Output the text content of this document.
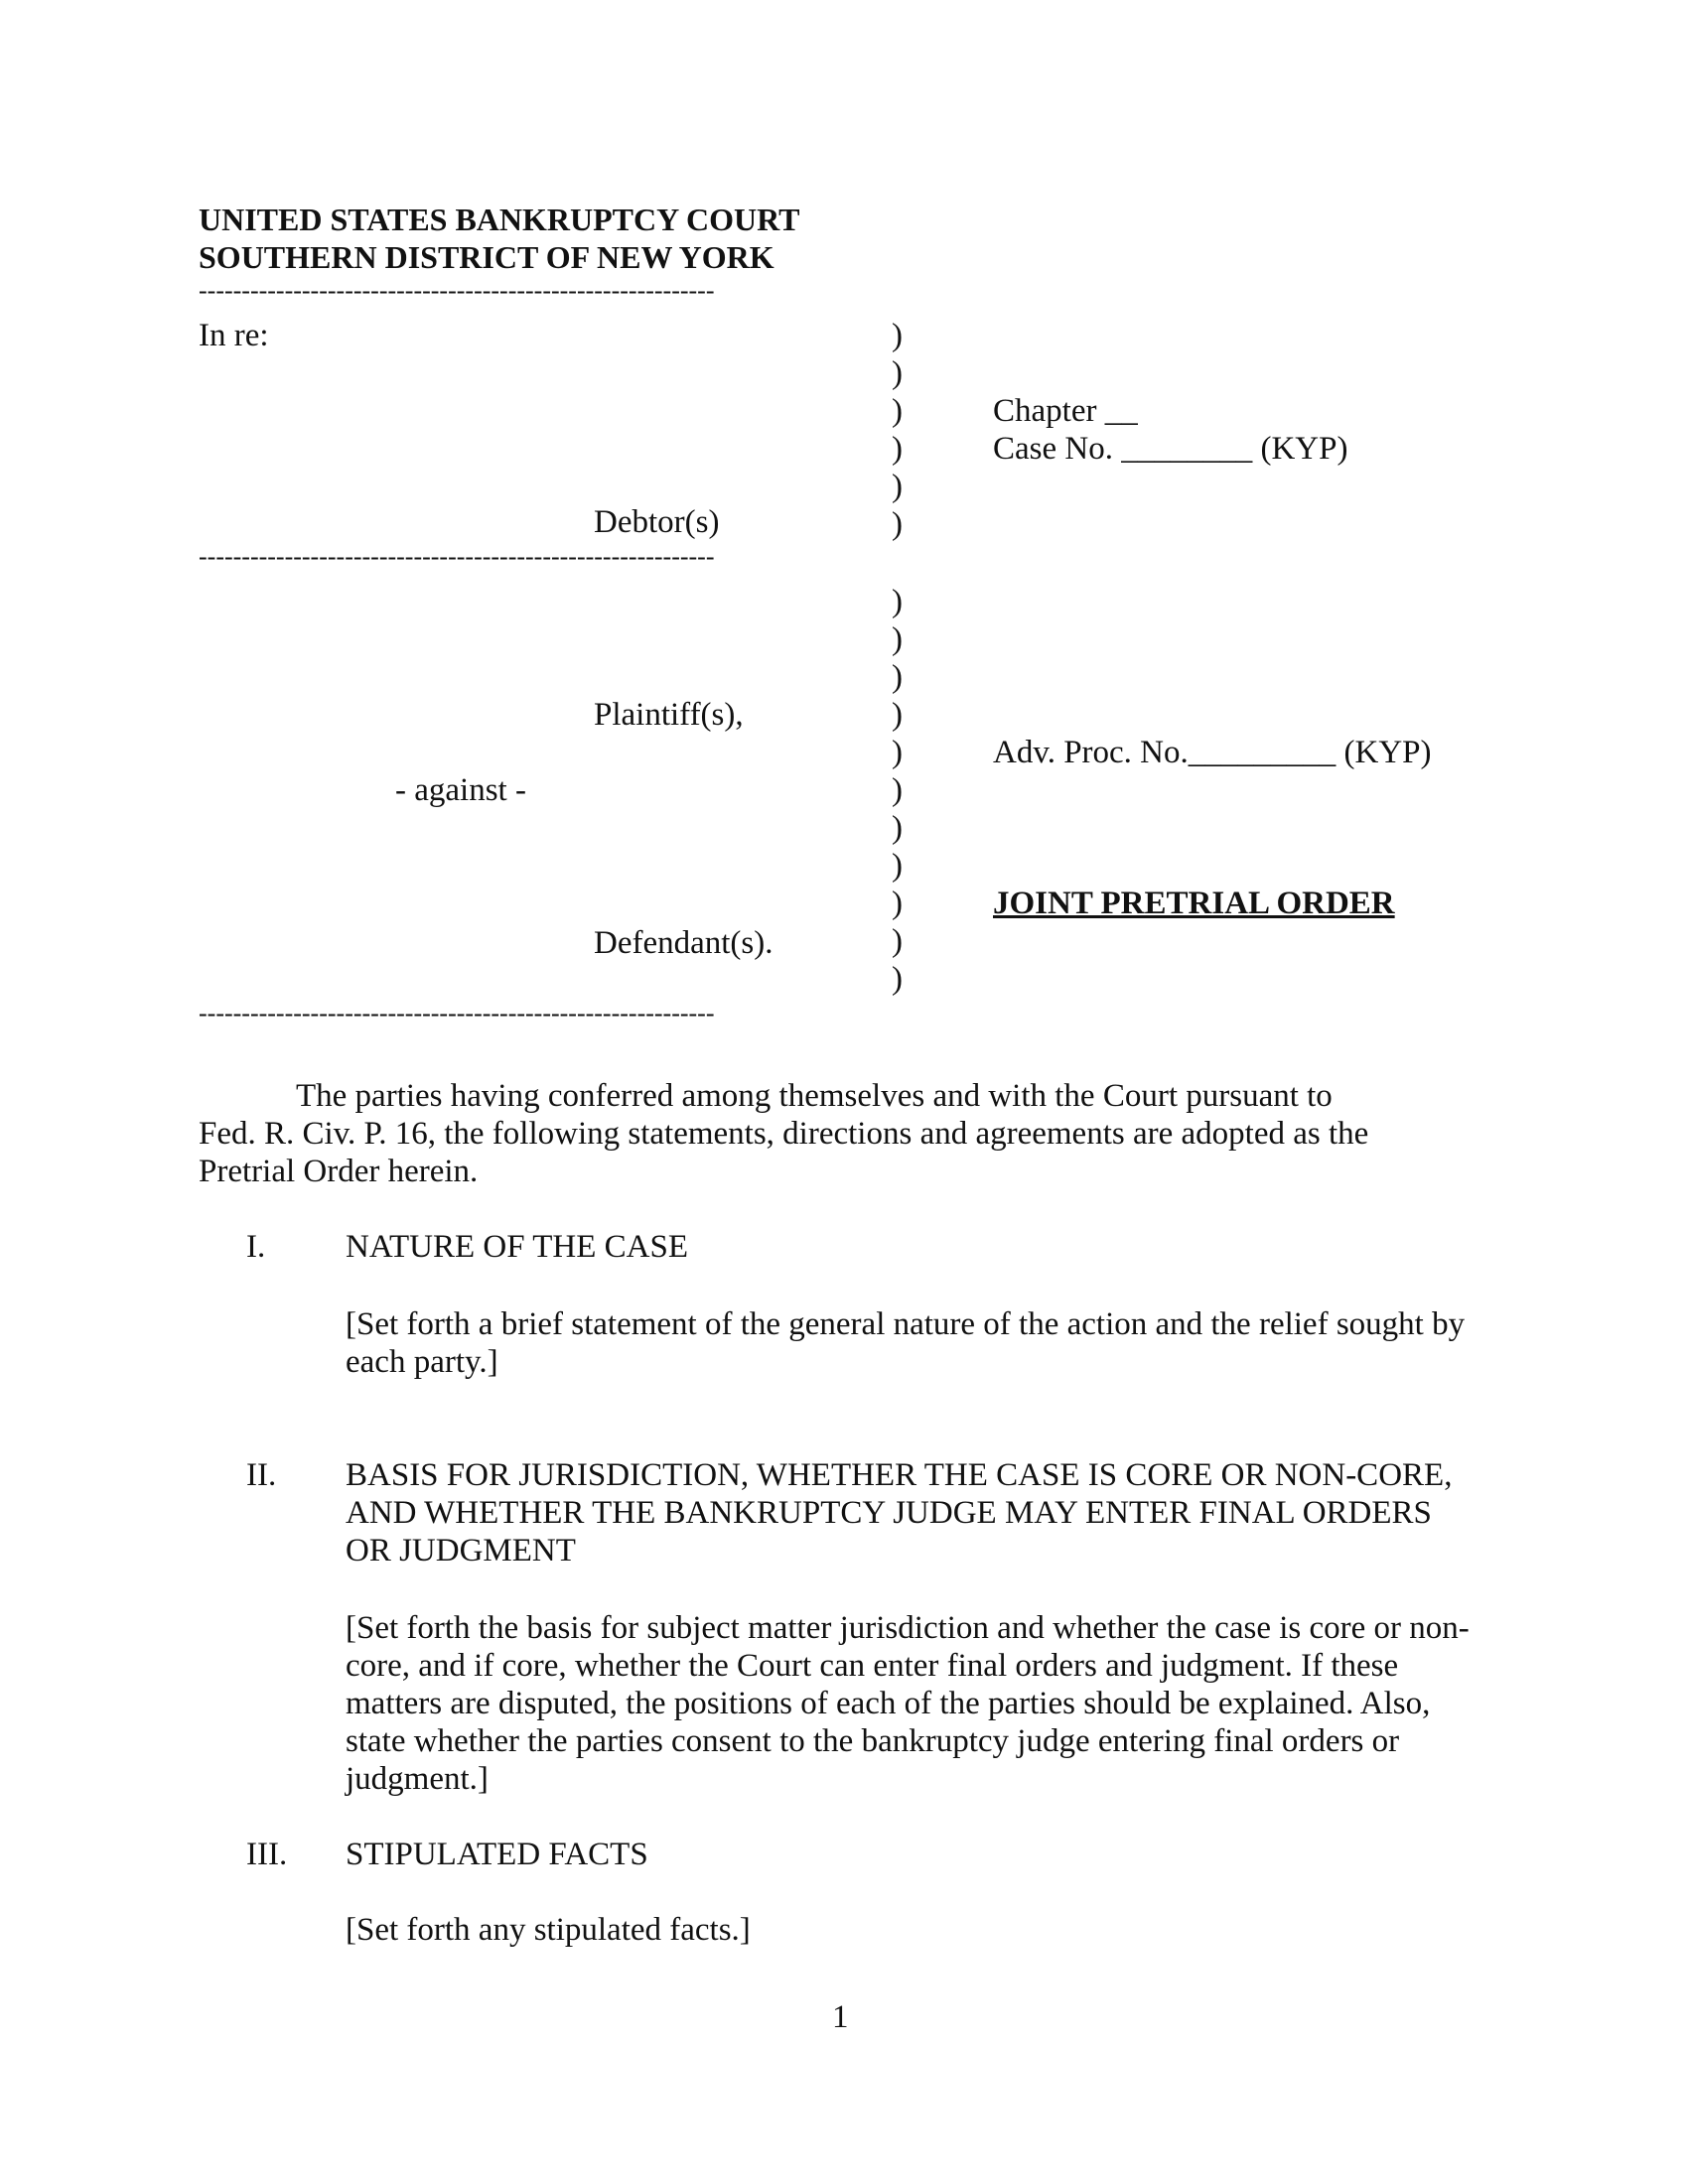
UNITED STATES BANKRUPTCY COURT
SOUTHERN DISTRICT OF NEW YORK
------------------------------------------------------------
------------------------------------------------------------
------------------------------------------------------------
In re:
Debtor(s)
)
)
)
)
)
)
Chapter __
Case No. ________ (KYP)
Plaintiff(s),
- against -
Defendant(s).
)
)
)
)
)
)
)
)
)
)
)
Adv. Proc. No._________ (KYP)
JOINT PRETRIAL ORDER
The parties having conferred among themselves and with the Court pursuant to
Fed. R. Civ. P. 16, the following statements, directions and agreements are adopted as the
Pretrial Order herein.
I. NATURE OF THE CASE
[Set forth a brief statement of the general nature of the action and the relief sought by
each party.]
II. BASIS FOR JURISDICTION, WHETHER THE CASE IS CORE OR NON-CORE,
AND WHETHER THE BANKRUPTCY JUDGE MAY ENTER FINAL ORDERS
OR JUDGMENT
[Set forth the basis for subject matter jurisdiction and whether the case is core or non-
core, and if core, whether the Court can enter final orders and judgment. If these
matters are disputed, the positions of each of the parties should be explained. Also,
state whether the parties consent to the bankruptcy judge entering final orders or
judgment.]
III. STIPULATED FACTS
[Set forth any stipulated facts.]
1
